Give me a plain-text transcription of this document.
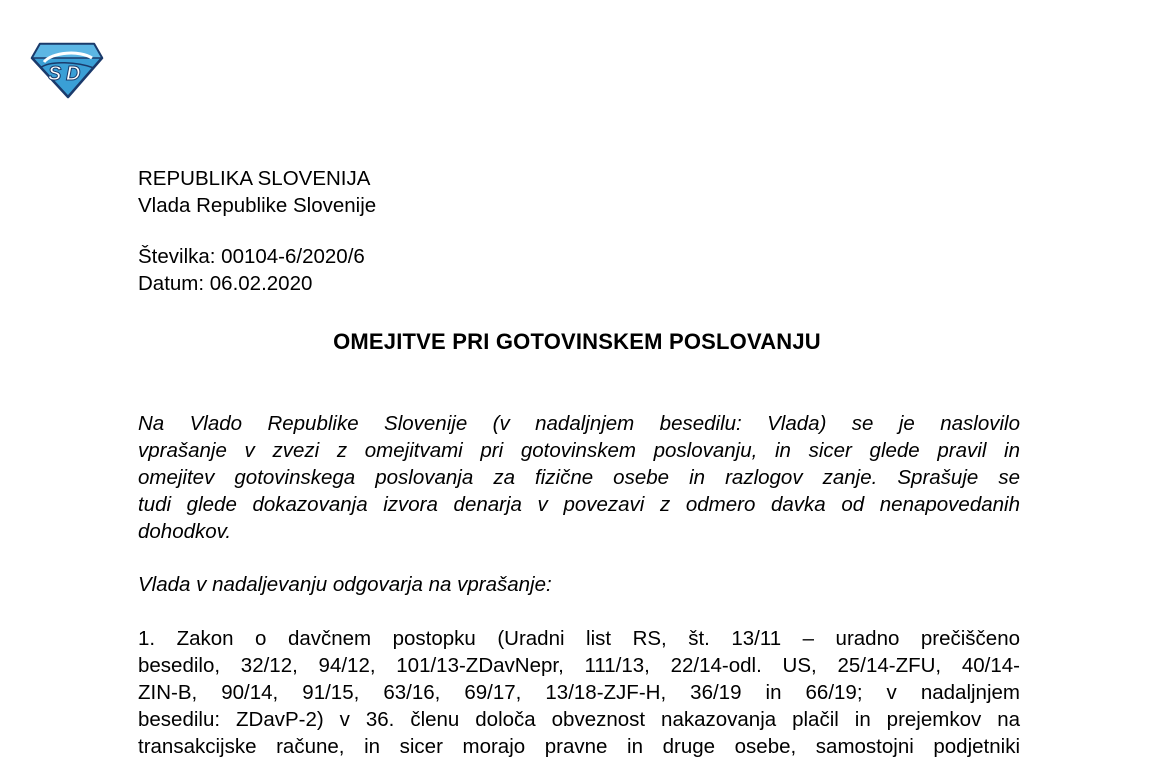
S D
REPUBLIKA SLOVENIJA
Vlada Republike Slovenije
Številka: 00104-6/2020/6
Datum: 06.02.2020
OMEJITVE PRI GOTOVINSKEM POSLOVANJU
Na Vlado Republike Slovenije (v nadaljnjem besedilu: Vlada) se je naslovilo
vprašanje v zvezi z omejitvami pri gotovinskem poslovanju, in sicer glede pravil in
omejitev gotovinskega poslovanja za fizične osebe in razlogov zanje. Sprašuje se
tudi glede dokazovanja izvora denarja v povezavi z odmero davka od nenapovedanih
dohodkov.
Vlada v nadaljevanju odgovarja na vprašanje:
1. Zakon o davčnem postopku (Uradni list RS, št. 13/11 – uradno prečiščeno
besedilo, 32/12, 94/12, 101/13-ZDavNepr, 111/13, 22/14-odl. US, 25/14-ZFU, 40/14-
ZIN-B, 90/14, 91/15, 63/16, 69/17, 13/18-ZJF-H, 36/19 in 66/19; v nadaljnjem
besedilu: ZDavP-2) v 36. členu določa obveznost nakazovanja plačil in prejemkov na
transakcijske račune, in sicer morajo pravne in druge osebe, samostojni podjetniki
